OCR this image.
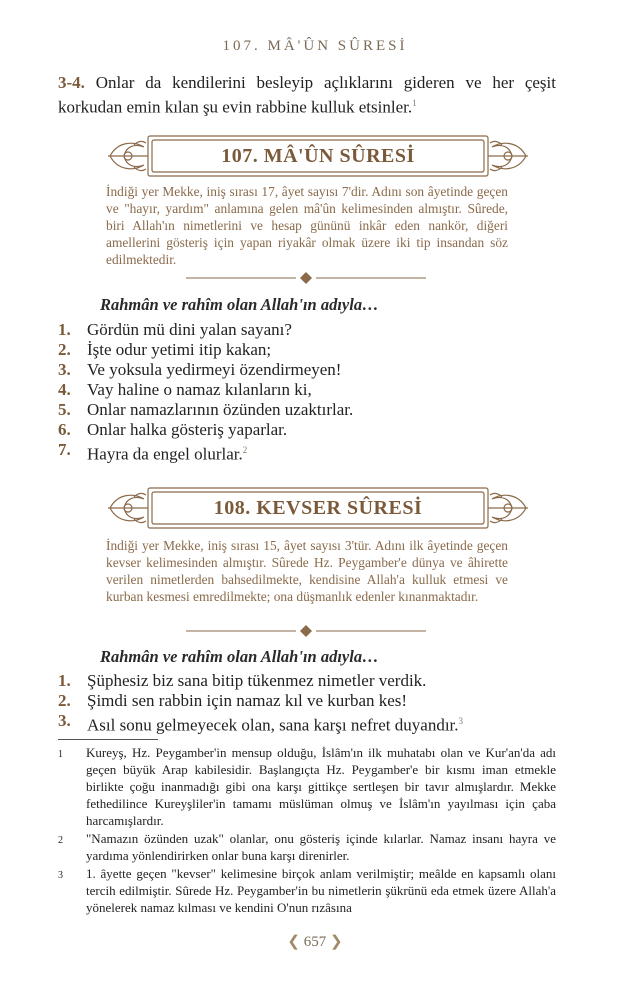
107. MÂ'ÛN SÛRESİ
3-4. Onlar da kendilerini besleyip açlıklarını gideren ve her çeşit korkudan emin kılan şu evin rabbine kulluk etsinler.$^1$
107. MÂ'ÛN SÛRESİ
İndiği yer Mekke, iniş sırası 17, âyet sayısı 7'dir. Adını son âyetinde geçen ve "hayır, yardım" anlamına gelen mâ'ûn kelimesinden almıştır. Sûrede, biri Allah'ın nimetlerini ve hesap gününü inkâr eden nankör, diğeri amellerini gösteriş için yapan riyakâr olmak üzere iki tip insandan söz edilmektedir.
Rahmân ve rahîm olan Allah'ın adıyla…
1. Gördün mü dini yalan sayanı?
2. İşte odur yetimi itip kakan;
3. Ve yoksula yedirmeyi özendirmeyen!
4. Vay haline o namaz kılanların ki,
5. Onlar namazlarının özünden uzaktırlar.
6. Onlar halka gösteriş yaparlar.
7. Hayra da engel olurlar.$^2$
108. KEVSER SÛRESİ
İndiği yer Mekke, iniş sırası 15, âyet sayısı 3'tür. Adını ilk âyetinde geçen kevser kelimesinden almıştır. Sûrede Hz. Peygamber'e dünya ve âhirette verilen nimetlerden bahsedilmekte, kendisine Allah'a kulluk etmesi ve kurban kesmesi emredilmekte; ona düşmanlık edenler kınanmaktadır.
Rahmân ve rahîm olan Allah'ın adıyla…
1. Şüphesiz biz sana bitip tükenmez nimetler verdik.
2. Şimdi sen rabbin için namaz kıl ve kurban kes!
3. Asıl sonu gelmeyecek olan, sana karşı nefret duyandır.$^3$
1	Kureyş, Hz. Peygamber'in mensup olduğu, İslâm'ın ilk muhatabı olan ve Kur'an'da adı geçen büyük Arap kabilesidir. Başlangıçta Hz. Peygamber'e bir kısmı iman etmekle birlikte çoğu inanmadığı gibi ona karşı gittikçe sertleşen bir tavır almışlardır. Mekke fethedilince Kureyşliler'in tamamı müslüman olmuş ve İslâm'ın yayılması için çaba harcamışlardır.
2	"Namazın özünden uzak" olanlar, onu gösteriş içinde kılarlar. Namaz insanı hayra ve yardıma yönlendirirken onlar buna karşı direnirler.
3	1. âyette geçen "kevser" kelimesine birçok anlam verilmiştir; meâlde en kapsamlı olanı tercih edilmiştir. Sûrede Hz. Peygamber'in bu nimetlerin şükrünü eda etmek üzere Allah'a yönelerek namaz kılması ve kendini O'nun rızâsına
❮ 657 ❯
